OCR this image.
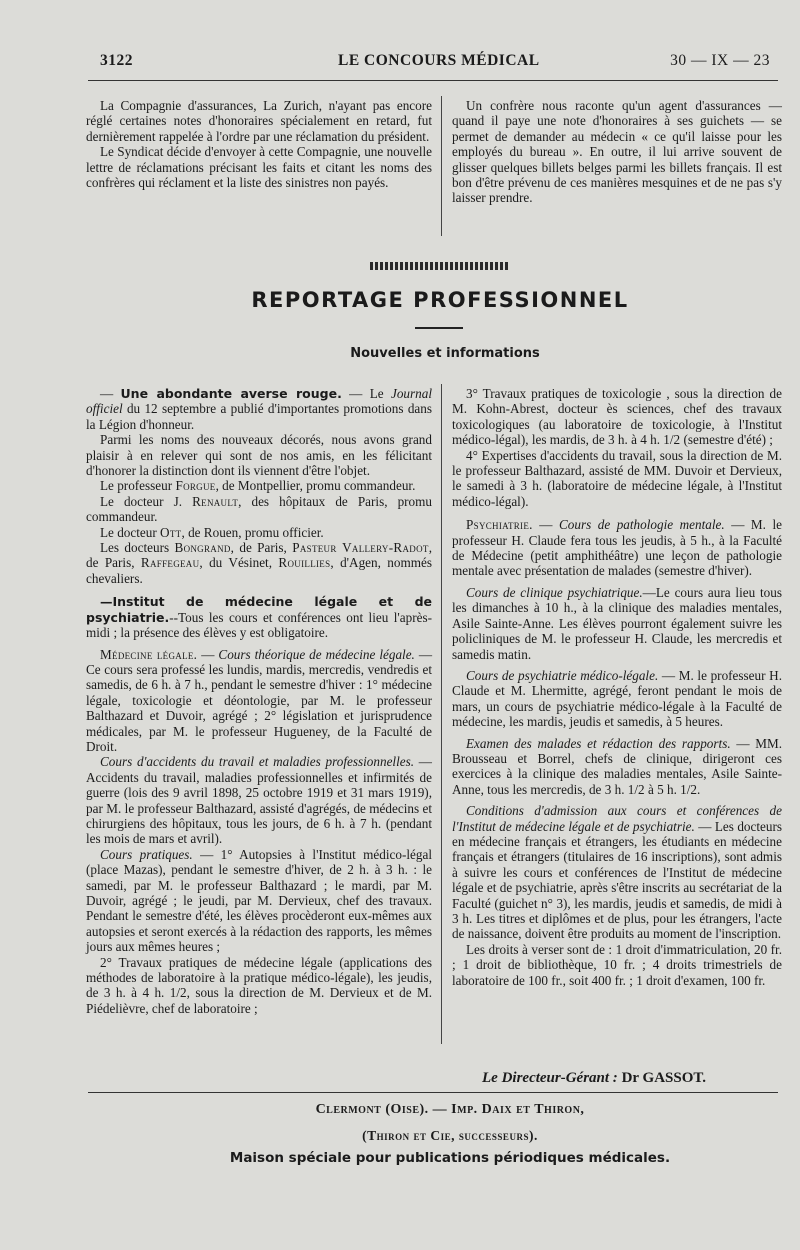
3122	LE CONCOURS MÉDICAL	30 — IX — 23

La Compagnie d'assurances, La Zurich, n'ayant pas encore réglé certaines notes d'honoraires spécialement en retard, fut dernièrement rappelée à l'ordre par une réclamation du président.

Le Syndicat décide d'envoyer à cette Compagnie, une nouvelle lettre de réclamations précisant les faits et citant les noms des confrères qui réclament et la liste des sinistres non payés.

Un confrère nous raconte qu'un agent d'assurances — quand il paye une note d'honoraires à ses guichets — se permet de demander au médecin « ce qu'il laisse pour les employés du bureau ». En outre, il lui arrive souvent de glisser quelques billets belges parmi les billets français. Il est bon d'être prévenu de ces manières mesquines et de ne pas s'y laisser prendre.

REPORTAGE PROFESSIONNEL
Nouvelles et informations

— Une abondante averse rouge. — Le Journal officiel du 12 septembre a publié d'importantes promotions dans la Légion d'honneur.

Parmi les noms des nouveaux décorés, nous avons grand plaisir à en relever qui sont de nos amis, en les félicitant d'honorer la distinction dont ils viennent d'être l'objet.

Le professeur Forgue, de Montpellier, promu commandeur.

Le docteur J. Renault, des hôpitaux de Paris, promu commandeur.

Le docteur Ott, de Rouen, promu officier.

Les docteurs Bongrand, de Paris, Pasteur Vallery-Radot, de Paris, Raffegeau, du Vésinet, Rouillies, d'Agen, nommés chevaliers.

—Institut de médecine légale et de psychiatrie.--Tous les cours et conférences ont lieu l'après-midi ; la présence des élèves y est obligatoire.

Médecine légale. — Cours théorique de médecine légale. — Ce cours sera professé les lundis, mardis, mercredis, vendredis et samedis, de 6 h. à 7 h., pendant le semestre d'hiver : 1° médecine légale, toxicologie et déontologie, par M. le professeur Balthazard et Duvoir, agrégé ; 2° législation et jurisprudence médicales, par M. le professeur Hugueney, de la Faculté de Droit.

Cours d'accidents du travail et maladies professionnelles. — Accidents du travail, maladies professionnelles et infirmités de guerre (lois des 9 avril 1898, 25 octobre 1919 et 31 mars 1919), par M. le professeur Balthazard, assisté d'agrégés, de médecins et chirurgiens des hôpitaux, tous les jours, de 6 h. à 7 h. (pendant les mois de mars et avril).

Cours pratiques. — 1° Autopsies à l'Institut médico-légal (place Mazas), pendant le semestre d'hiver, de 2 h. à 3 h. : le samedi, par M. le professeur Balthazard ; le mardi, par M. Duvoir, agrégé ; le jeudi, par M. Dervieux, chef des travaux. Pendant le semestre d'été, les élèves procèderont eux-mêmes aux autopsies et seront exercés à la rédaction des rapports, les mêmes jours aux mêmes heures ;

2° Travaux pratiques de médecine légale (applications des méthodes de laboratoire à la pratique médico-légale), les jeudis, de 3 h. à 4 h. 1/2, sous la direction de M. Dervieux et de M. Piédelièvre, chef de laboratoire ;

3° Travaux pratiques de toxicologie , sous la direction de M. Kohn-Abrest, docteur ès sciences, chef des travaux toxicologiques (au laboratoire de toxicologie, à l'Institut médico-légal), les mardis, de 3 h. à 4 h. 1/2 (semestre d'été) ;

4° Expertises d'accidents du travail, sous la direction de M. le professeur Balthazard, assisté de MM. Duvoir et Dervieux, le samedi à 3 h. (laboratoire de médecine légale, à l'Institut médico-légal).

Psychiatrie. — Cours de pathologie mentale. — M. le professeur H. Claude fera tous les jeudis, à 5 h., à la Faculté de Médecine (petit amphithéâtre) une leçon de pathologie mentale avec présentation de malades (semestre d'hiver).

Cours de clinique psychiatrique.—Le cours aura lieu tous les dimanches à 10 h., à la clinique des maladies mentales, Asile Sainte-Anne. Les élèves pourront également suivre les policliniques de M. le professeur H. Claude, les mercredis et samedis matin.

Cours de psychiatrie médico-légale. — M. le professeur H. Claude et M. Lhermitte, agrégé, feront pendant le mois de mars, un cours de psychiatrie médico-légale à la Faculté de médecine, les mardis, jeudis et samedis, à 5 heures.

Examen des malades et rédaction des rapports. — MM. Brousseau et Borrel, chefs de clinique, dirigeront ces exercices à la clinique des maladies mentales, Asile Sainte-Anne, tous les mercredis, de 3 h. 1/2 à 5 h. 1/2.

Conditions d'admission aux cours et conférences de l'Institut de médecine légale et de psychiatrie. — Les docteurs en médecine français et étrangers, les étudiants en médecine français et étrangers (titulaires de 16 inscriptions), sont admis à suivre les cours et conférences de l'Institut de médecine légale et de psychiatrie, après s'être inscrits au secrétariat de la Faculté (guichet n° 3), les mardis, jeudis et samedis, de midi à 3 h. Les titres et diplômes et de plus, pour les étrangers, l'acte de naissance, doivent être produits au moment de l'inscription.

Les droits à verser sont de : 1 droit d'immatriculation, 20 fr. ; 1 droit de bibliothèque, 10 fr. ; 4 droits trimestriels de laboratoire de 100 fr., soit 400 fr. ; 1 droit d'examen, 100 fr.

Le Directeur-Gérant : Dr GASSOT.
Clermont (Oise). — Imp. Daix et Thiron,
(Thiron et Cie, successeurs).
Maison spéciale pour publications périodiques médicales.
